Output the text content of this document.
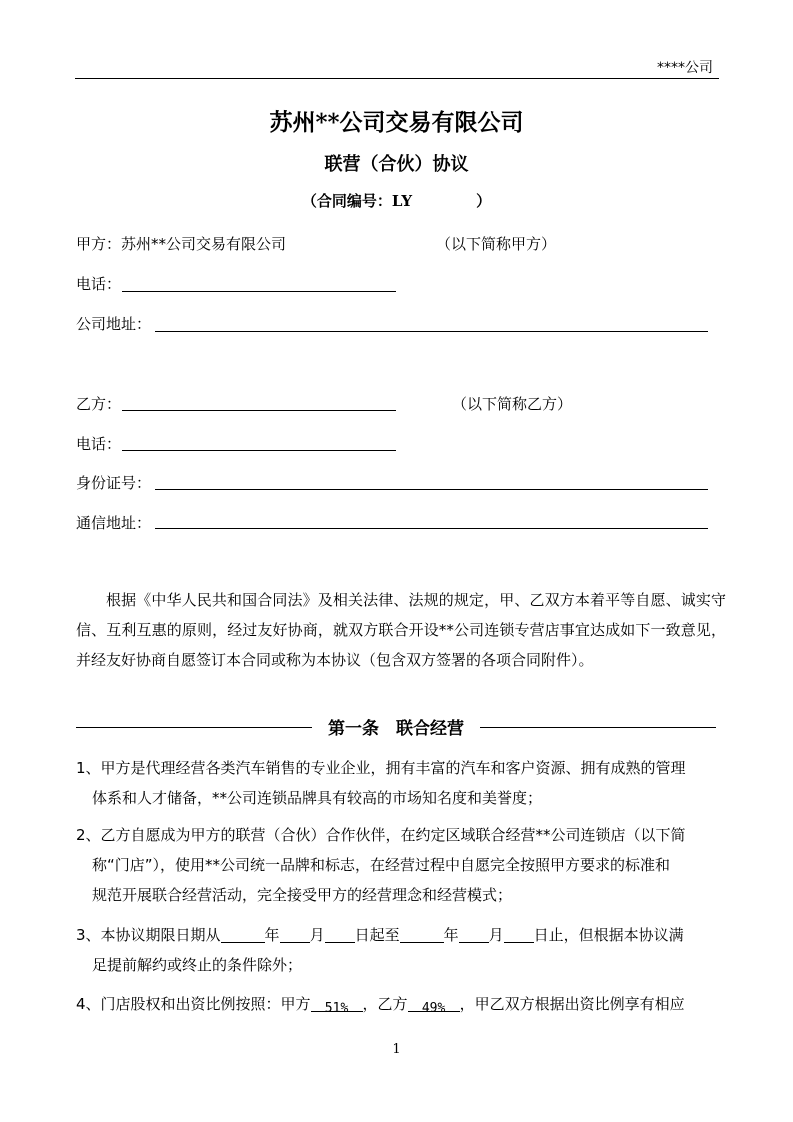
****公司
苏州**公司交易有限公司
联营（合伙）协议
（合同编号：LY	）
甲方：苏州**公司交易有限公司	（以下简称甲方）
电话：
公司地址：
乙方：	（以下简称乙方）
电话：
身份证号：
通信地址：
根据《中华人民共和国合同法》及相关法律、法规的规定，甲、乙双方本着平等自愿、诚实守信、互利互惠的原则，经过友好协商，就双方联合开设**公司连锁专营店事宜达成如下一致意见，并经友好协商自愿签订本合同或称为本协议（包含双方签署的各项合同附件）。
第一条　联合经营
1、甲方是代理经营各类汽车销售的专业企业，拥有丰富的汽车和客户资源、拥有成熟的管理
体系和人才储备，**公司连锁品牌具有较高的市场知名度和美誉度；
2、乙方自愿成为甲方的联营（合伙）合作伙伴，在约定区域联合经营**公司连锁店（以下简
称“门店”），使用**公司统一品牌和标志，在经营过程中自愿完全按照甲方要求的标准和
规范开展联合经营活动，完全接受甲方的经营理念和经营模式；
3、本协议期限日期从	年 月 日起至	年 月 日止，但根据本协议满
足提前解约或终止的条件除外；
4、门店股权和出资比例按照：甲方 51% ，乙方 49% ，甲乙双方根据出资比例享有相应
1
